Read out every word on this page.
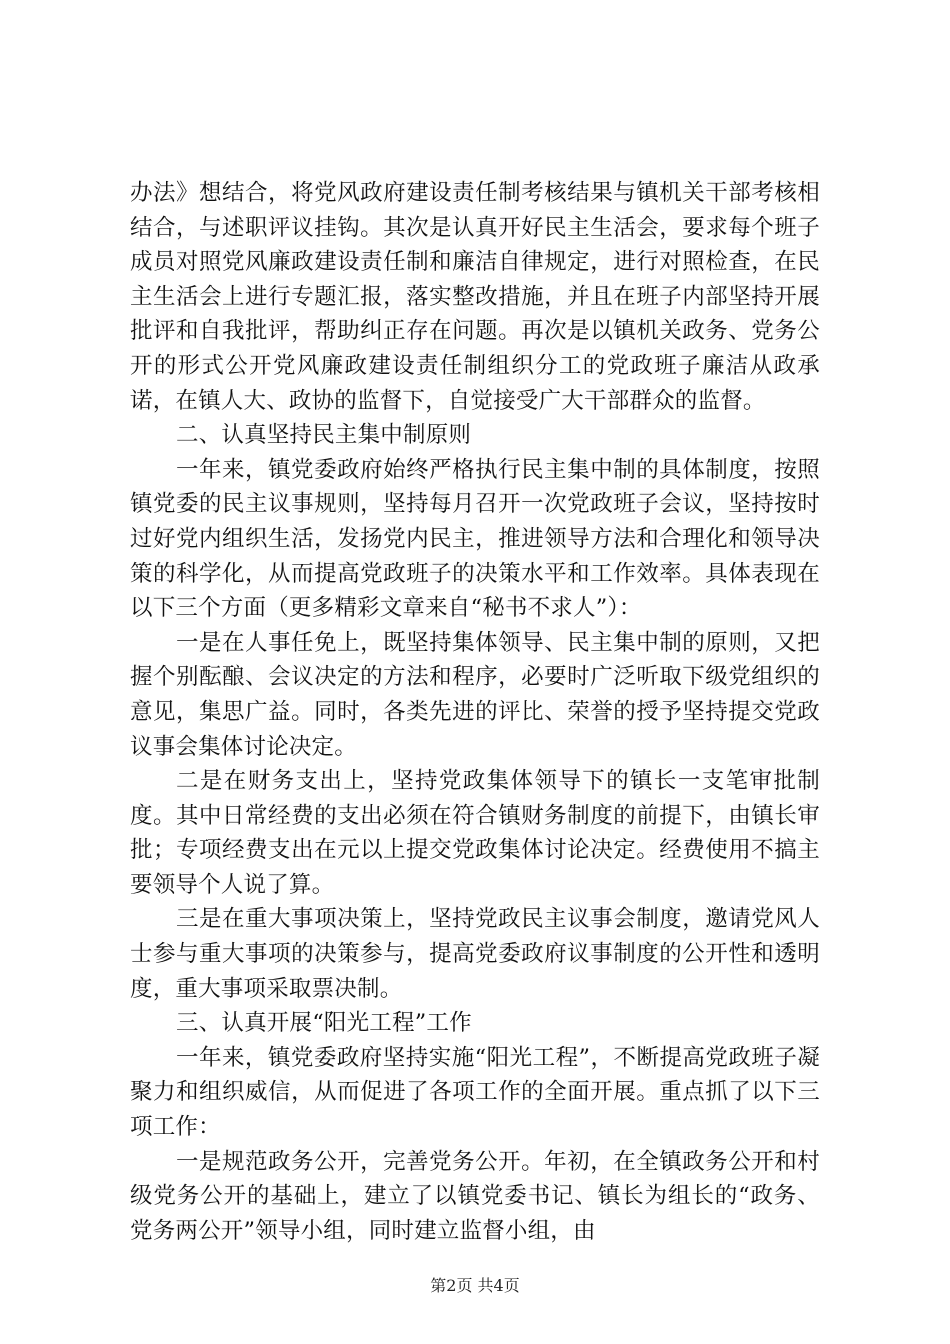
办法》想结合，将党风政府建设责任制考核结果与镇机关干部考核相结合，与述职评议挂钩。其次是认真开好民主生活会，要求每个班子成员对照党风廉政建设责任制和廉洁自律规定，进行对照检查，在民主生活会上进行专题汇报，落实整改措施，并且在班子内部坚持开展批评和自我批评，帮助纠正存在问题。再次是以镇机关政务、党务公开的形式公开党风廉政建设责任制组织分工的党政班子廉洁从政承诺，在镇人大、政协的监督下，自觉接受广大干部群众的监督。

二、认真坚持民主集中制原则

一年来，镇党委政府始终严格执行民主集中制的具体制度，按照镇党委的民主议事规则，坚持每月召开一次党政班子会议，坚持按时过好党内组织生活，发扬党内民主，推进领导方法和合理化和领导决策的科学化，从而提高党政班子的决策水平和工作效率。具体表现在以下三个方面（更多精彩文章来自“秘书不求人”）：

一是在人事任免上，既坚持集体领导、民主集中制的原则，又把握个别酝酿、会议决定的方法和程序，必要时广泛听取下级党组织的意见，集思广益。同时，各类先进的评比、荣誉的授予坚持提交党政议事会集体讨论决定。

二是在财务支出上，坚持党政集体领导下的镇长一支笔审批制度。其中日常经费的支出必须在符合镇财务制度的前提下，由镇长审批；专项经费支出在元以上提交党政集体讨论决定。经费使用不搞主要领导个人说了算。

三是在重大事项决策上，坚持党政民主议事会制度，邀请党风人士参与重大事项的决策参与，提高党委政府议事制度的公开性和透明度，重大事项采取票决制。

三、认真开展“阳光工程”工作

一年来，镇党委政府坚持实施“阳光工程”，不断提高党政班子凝聚力和组织威信，从而促进了各项工作的全面开展。重点抓了以下三项工作：

一是规范政务公开，完善党务公开。年初，在全镇政务公开和村级党务公开的基础上，建立了以镇党委书记、镇长为组长的“政务、党务两公开”领导小组，同时建立监督小组，由

第2页 共4页
